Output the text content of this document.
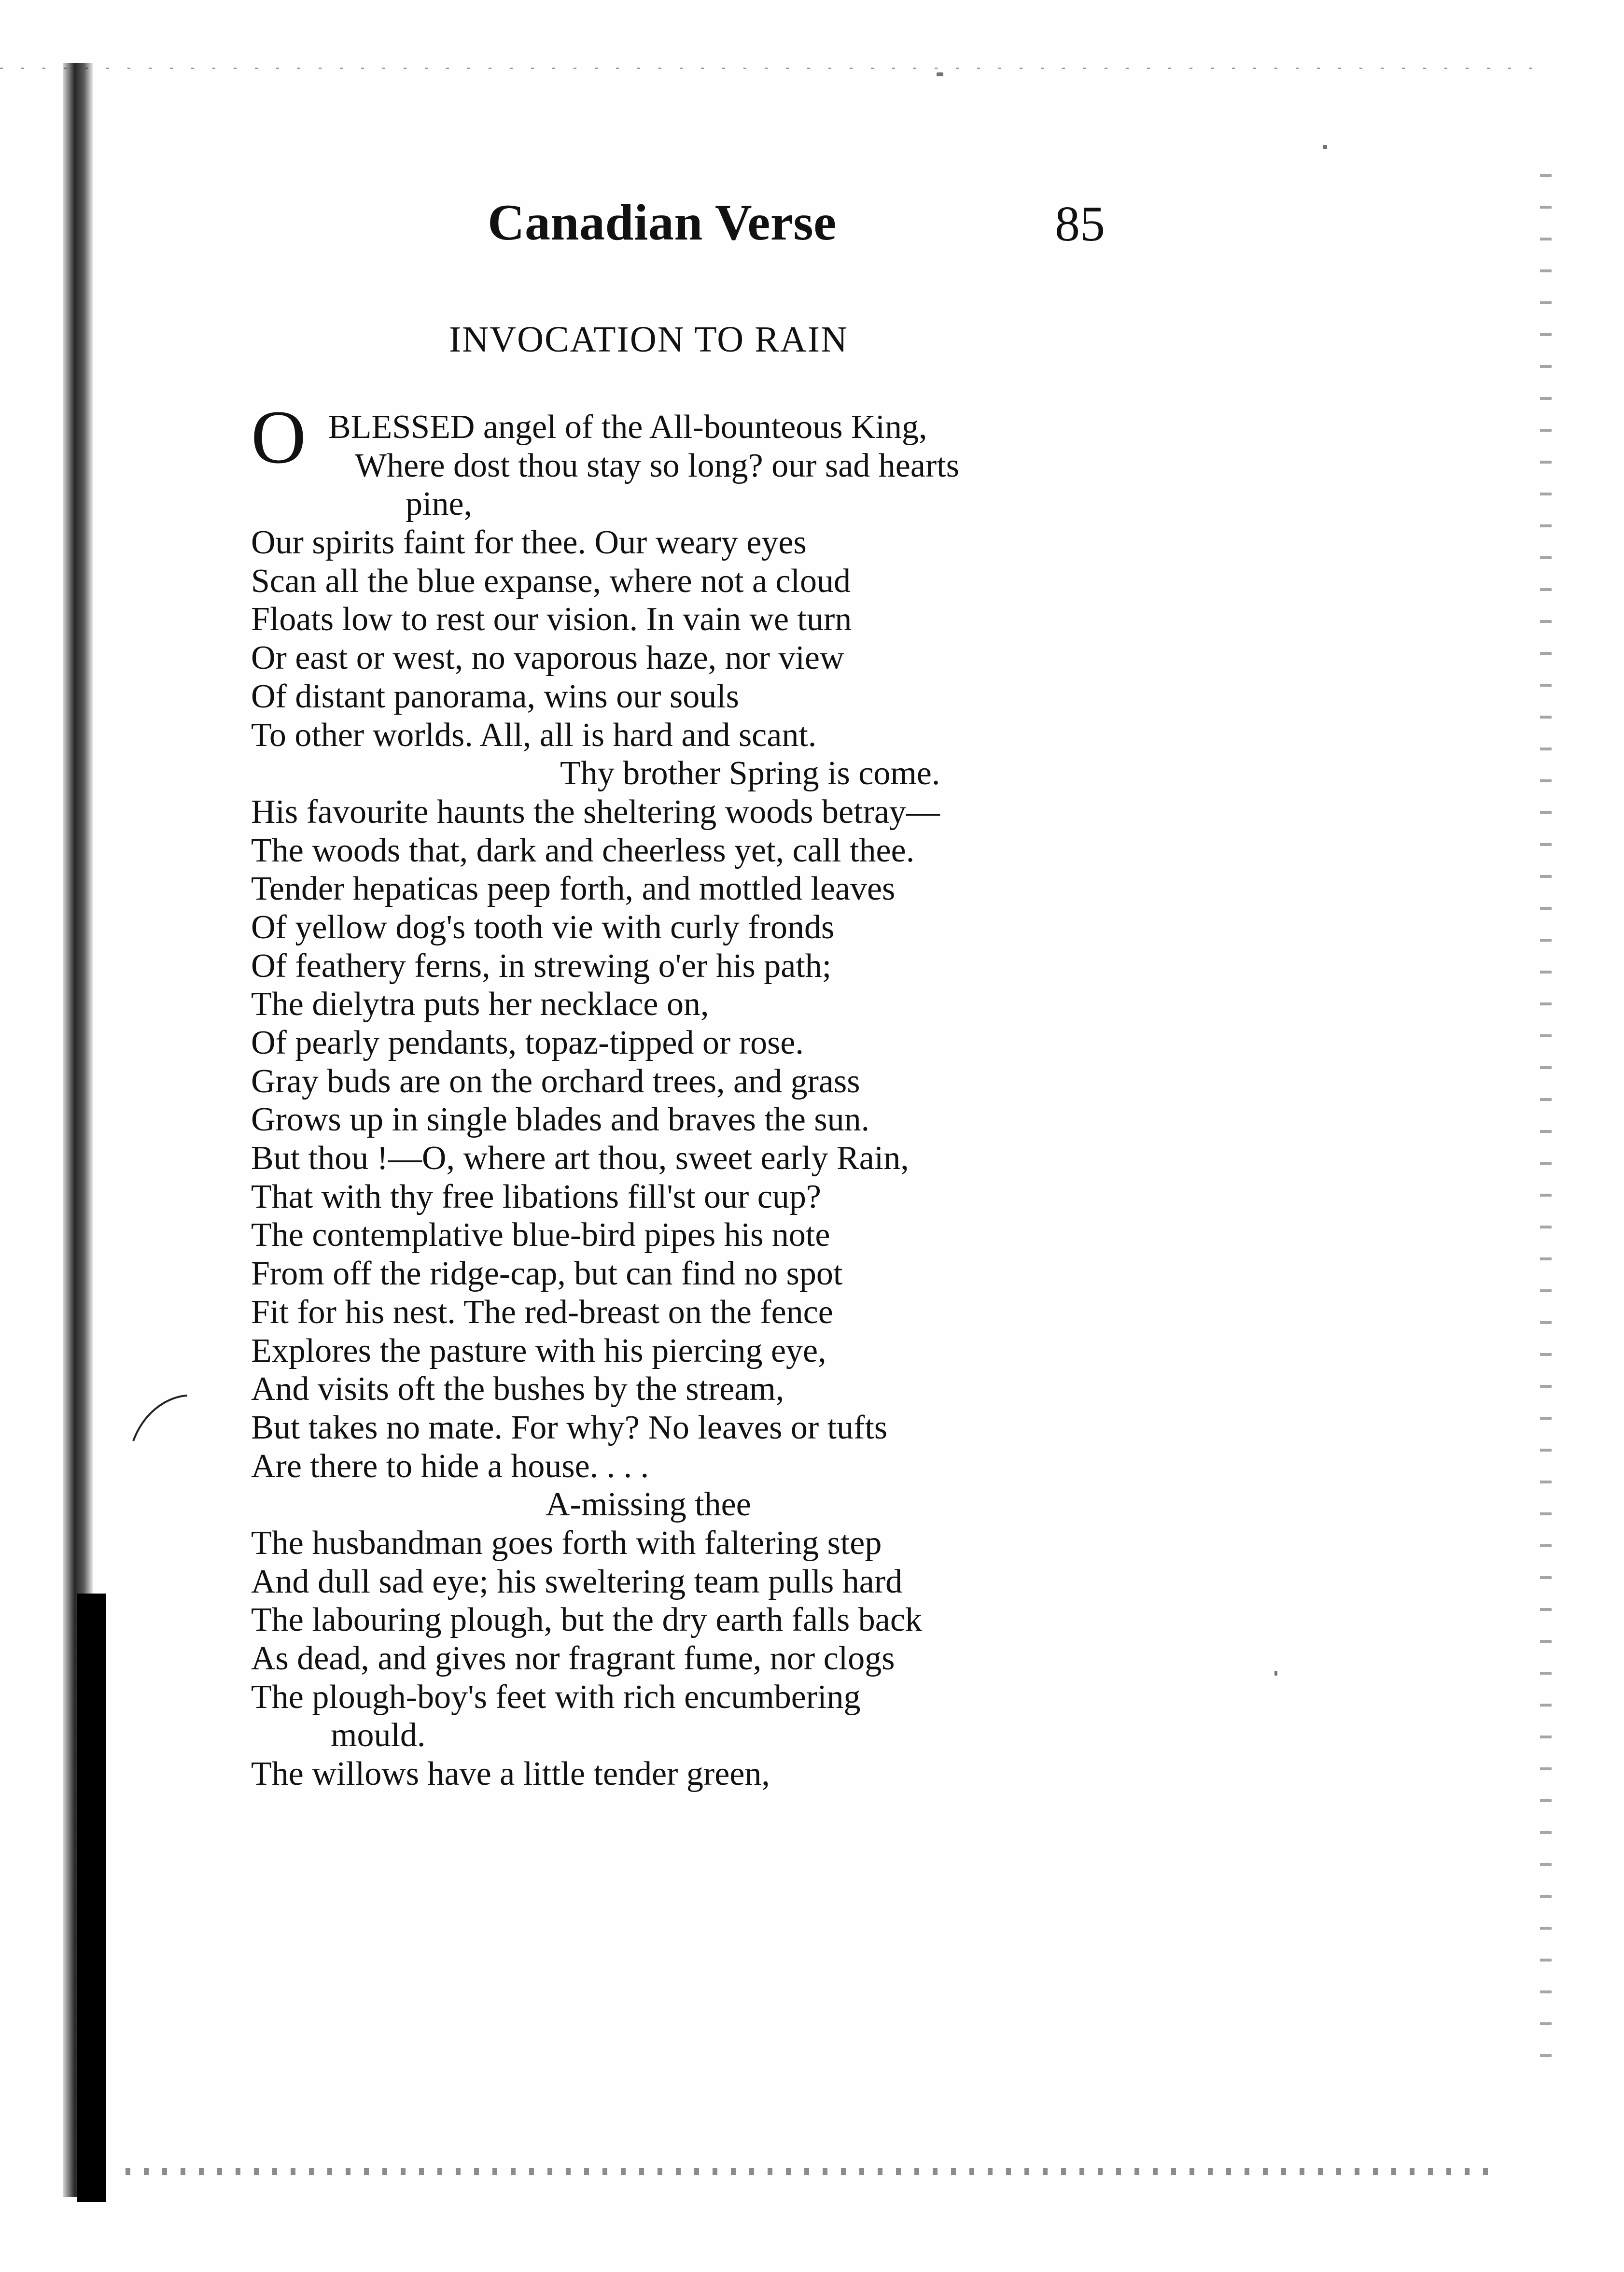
Canadian Verse	85
INVOCATION TO RAIN
O BLESSED angel of the All-bounteous King,
Where dost thou stay so long? our sad hearts
pine,
Our spirits faint for thee. Our weary eyes
Scan all the blue expanse, where not a cloud
Floats low to rest our vision. In vain we turn
Or east or west, no vaporous haze, nor view
Of distant panorama, wins our souls
To other worlds. All, all is hard and scant.
Thy brother Spring is come.
His favourite haunts the sheltering woods betray—
The woods that, dark and cheerless yet, call thee.
Tender hepaticas peep forth, and mottled leaves
Of yellow dog's tooth vie with curly fronds
Of feathery ferns, in strewing o'er his path;
The dielytra puts her necklace on,
Of pearly pendants, topaz-tipped or rose.
Gray buds are on the orchard trees, and grass
Grows up in single blades and braves the sun.
But thou !—O, where art thou, sweet early Rain,
That with thy free libations fill'st our cup?
The contemplative blue-bird pipes his note
From off the ridge-cap, but can find no spot
Fit for his nest. The red-breast on the fence
Explores the pasture with his piercing eye,
And visits oft the bushes by the stream,
But takes no mate. For why? No leaves or tufts
Are there to hide a house. . . .
A-missing thee
The husbandman goes forth with faltering step
And dull sad eye; his sweltering team pulls hard
The labouring plough, but the dry earth falls back
As dead, and gives nor fragrant fume, nor clogs
The plough-boy's feet with rich encumbering
mould.
The willows have a little tender green,
